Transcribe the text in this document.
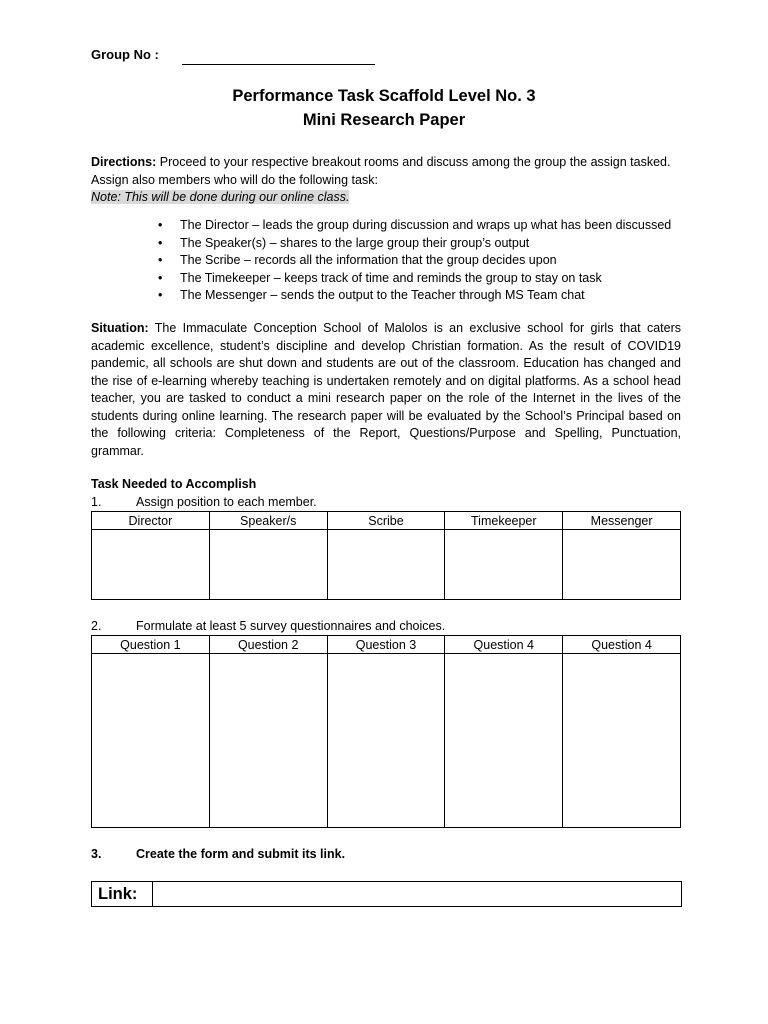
Group No :
Performance Task Scaffold Level No. 3
Mini Research Paper
Directions: Proceed to your respective breakout rooms and discuss among the group the assign tasked. Assign also members who will do the following task:
Note: This will be done during our online class.
• The Director – leads the group during discussion and wraps up what has been discussed
• The Speaker(s) – shares to the large group their group’s output
• The Scribe – records all the information that the group decides upon
• The Timekeeper – keeps track of time and reminds the group to stay on task
• The Messenger – sends the output to the Teacher through MS Team chat
Situation: The Immaculate Conception School of Malolos is an exclusive school for girls that caters academic excellence, student’s discipline and develop Christian formation. As the result of COVID19 pandemic, all schools are shut down and students are out of the classroom. Education has changed and the rise of e-learning whereby teaching is undertaken remotely and on digital platforms. As a school head teacher, you are tasked to conduct a mini research paper on the role of the Internet in the lives of the students during online learning. The research paper will be evaluated by the School’s Principal based on the following criteria: Completeness of the Report, Questions/Purpose and Spelling, Punctuation, grammar.
Task Needed to Accomplish
1.	Assign position to each member.
Director	Speaker/s	Scribe	Timekeeper	Messenger

2.	Formulate at least 5 survey questionnaires and choices.
Question 1	Question 2	Question 3	Question 4	Question 4

3.	Create the form and submit its link.
Link:
